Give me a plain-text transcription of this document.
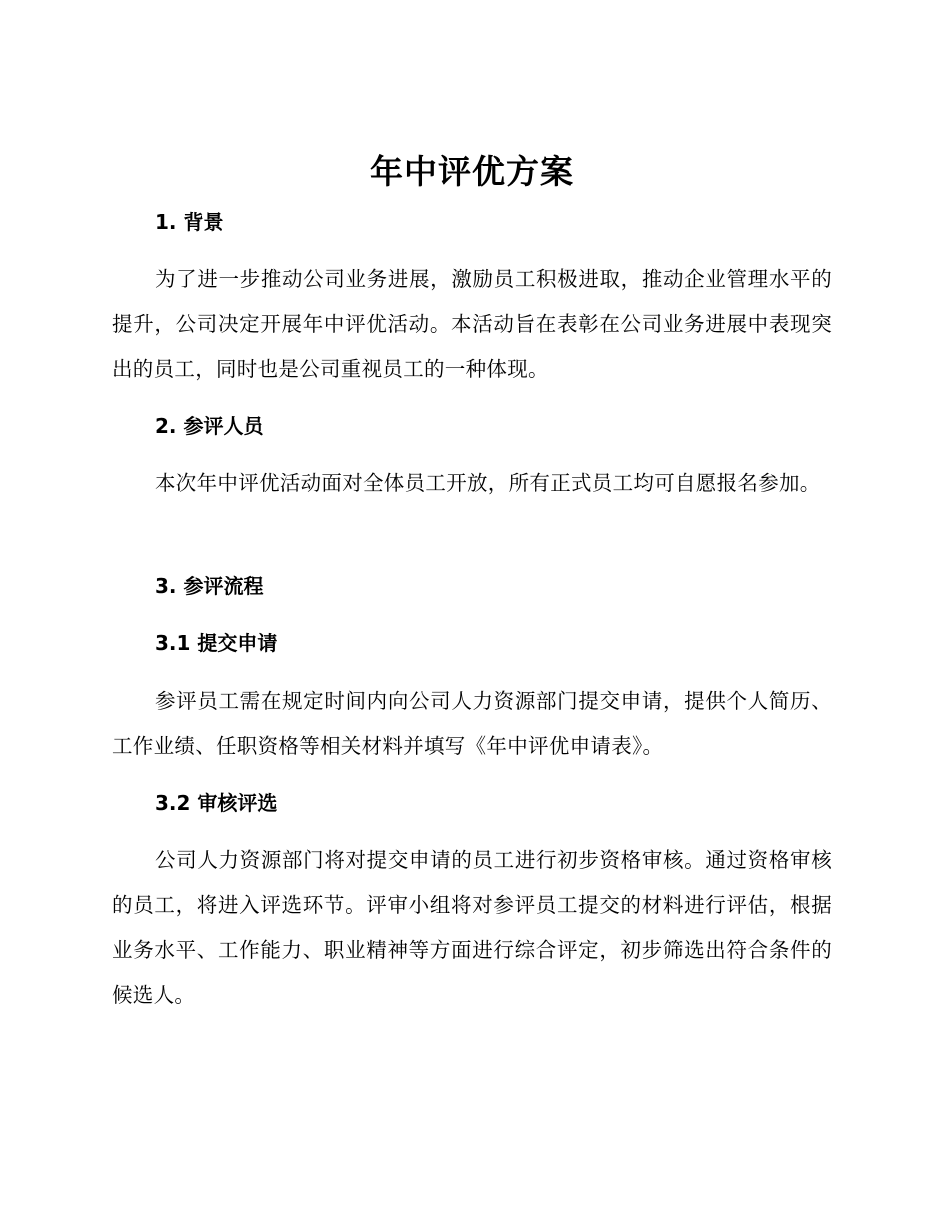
年中评优方案
1. 背景

为了进一步推动公司业务进展，激励员工积极进取，推动企业管理水平的提升，公司决定开展年中评优活动。本活动旨在表彰在公司业务进展中表现突出的员工，同时也是公司重视员工的一种体现。

2. 参评人员

本次年中评优活动面对全体员工开放，所有正式员工均可自愿报名参加。

3. 参评流程
3.1 提交申请

参评员工需在规定时间内向公司人力资源部门提交申请，提供个人简历、工作业绩、任职资格等相关材料并填写《年中评优申请表》。

3.2 审核评选

公司人力资源部门将对提交申请的员工进行初步资格审核。通过资格审核的员工，将进入评选环节。评审小组将对参评员工提交的材料进行评估，根据业务水平、工作能力、职业精神等方面进行综合评定，初步筛选出符合条件的候选人。
